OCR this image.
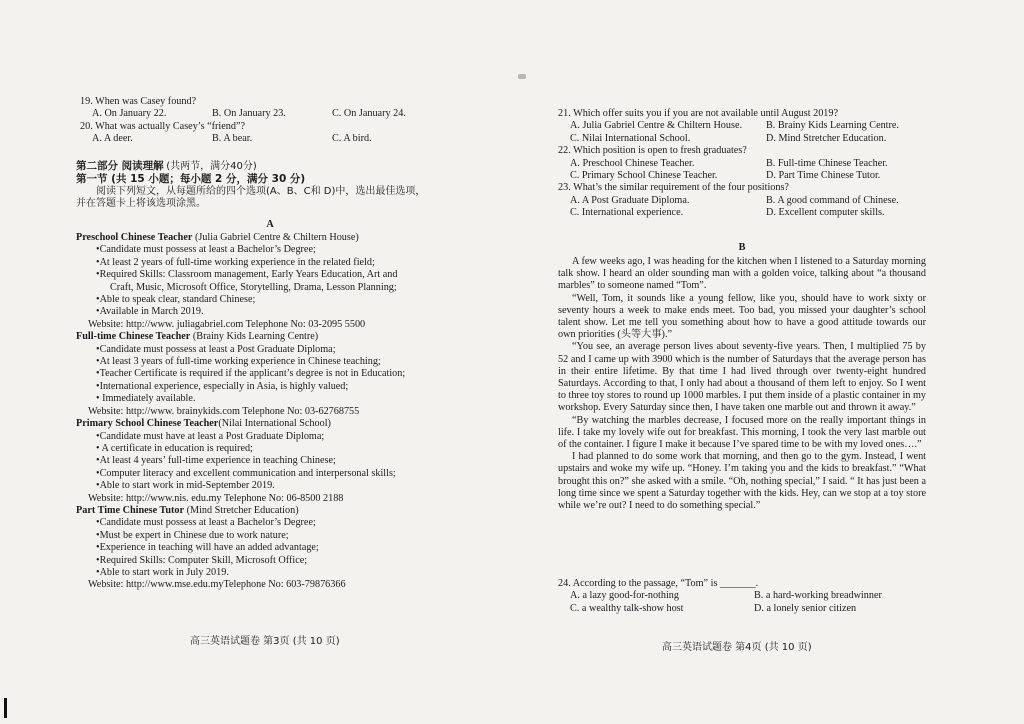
19. When was Casey found?
A. On January 22.	B. On January 23.	C. On January 24.
20. What was actually Casey’s “friend”?
A. A deer.	B. A bear.	C. A bird.
第二部分 阅读理解 (共两节，满分40分)
第一节 (共 15 小题；每小题 2 分，满分 30 分)
阅读下列短文，从每题所给的四个选项(A、B、C和 D)中，选出最佳选项，
并在答题卡上将该选项涂黑。
A
Preschool Chinese Teacher (Julia Gabriel Centre & Chiltern House)
•Candidate must possess at least a Bachelor’s Degree;
•At least 2 years of full-time working experience in the related field;
•Required Skills: Classroom management, Early Years Education, Art and
Craft, Music, Microsoft Office, Storytelling, Drama, Lesson Planning;
•Able to speak clear, standard Chinese;
•Available in March 2019.
Website: http://www. juliagabriel.com Telephone No: 03-2095 5500
Full-time Chinese Teacher (Brainy Kids Learning Centre)
•Candidate must possess at least a Post Graduate Diploma;
•At least 3 years of full-time working experience in Chinese teaching;
•Teacher Certificate is required if the applicant’s degree is not in Education;
•International experience, especially in Asia, is highly valued;
• Immediately available.
Website: http://www. brainykids.com Telephone No: 03-62768755
Primary School Chinese Teacher(Nilai International School)
•Candidate must have at least a Post Graduate Diploma;
• A certificate in education is required;
•At least 4 years’ full-time experience in teaching Chinese;
•Computer literacy and excellent communication and interpersonal skills;
•Able to start work in mid-September 2019.
Website: http://www.nis. edu.my Telephone No: 06-8500 2188
Part Time Chinese Tutor (Mind Stretcher Education)
•Candidate must possess at least a Bachelor’s Degree;
•Must be expert in Chinese due to work nature;
•Experience in teaching will have an added advantage;
•Required Skills: Computer Skill, Microsoft Office;
•Able to start work in July 2019.
Website: http://www.mse.edu.myTelephone No: 603-79876366
高三英语试题卷 第3页 (共 10 页)
21. Which offer suits you if you are not available until August 2019?
A. Julia Gabriel Centre & Chiltern House.	B. Brainy Kids Learning Centre.
C. Nilai International School.	D. Mind Stretcher Education.
22. Which position is open to fresh graduates?
A. Preschool Chinese Teacher.	B. Full-time Chinese Teacher.
C. Primary School Chinese Teacher.	D. Part Time Chinese Tutor.
23. What’s the similar requirement of the four positions?
A. A Post Graduate Diploma.	B. A good command of Chinese.
C. International experience.	D. Excellent computer skills.
B
A few weeks ago, I was heading for the kitchen when I listened to a Saturday morning talk show. I heard an older sounding man with a golden voice, talking about “a thousand marbles” to someone named “Tom”.
“Well, Tom, it sounds like a young fellow, like you, should have to work sixty or seventy hours a week to make ends meet. Too bad, you missed your daughter’s school talent show. Let me tell you something about how to have a good attitude towards our own priorities (头等大事).”
“You see, an average person lives about seventy-five years. Then, I multiplied 75 by 52 and I came up with 3900 which is the number of Saturdays that the average person has in their entire lifetime. By that time I had lived through over twenty-eight hundred Saturdays. According to that, I only had about a thousand of them left to enjoy. So I went to three toy stores to round up 1000 marbles. I put them inside of a plastic container in my workshop. Every Saturday since then, I have taken one marble out and thrown it away.”
“By watching the marbles decrease, I focused more on the really important things in life. I take my lovely wife out for breakfast. This morning, I took the very last marble out of the container. I figure I make it because I’ve spared time to be with my loved ones….”
I had planned to do some work that morning, and then go to the gym. Instead, I went upstairs and woke my wife up. “Honey. I’m taking you and the kids to breakfast.” “What brought this on?” she asked with a smile. “Oh, nothing special,” I said. “ It has just been a long time since we spent a Saturday together with the kids. Hey, can we stop at a toy store while we’re out? I need to do something special.”
24. According to the passage, “Tom” is _______.
A. a lazy good-for-nothing	B. a hard-working breadwinner
C. a wealthy talk-show host	D. a lonely senior citizen
高三英语试题卷 第4页 (共 10 页)
